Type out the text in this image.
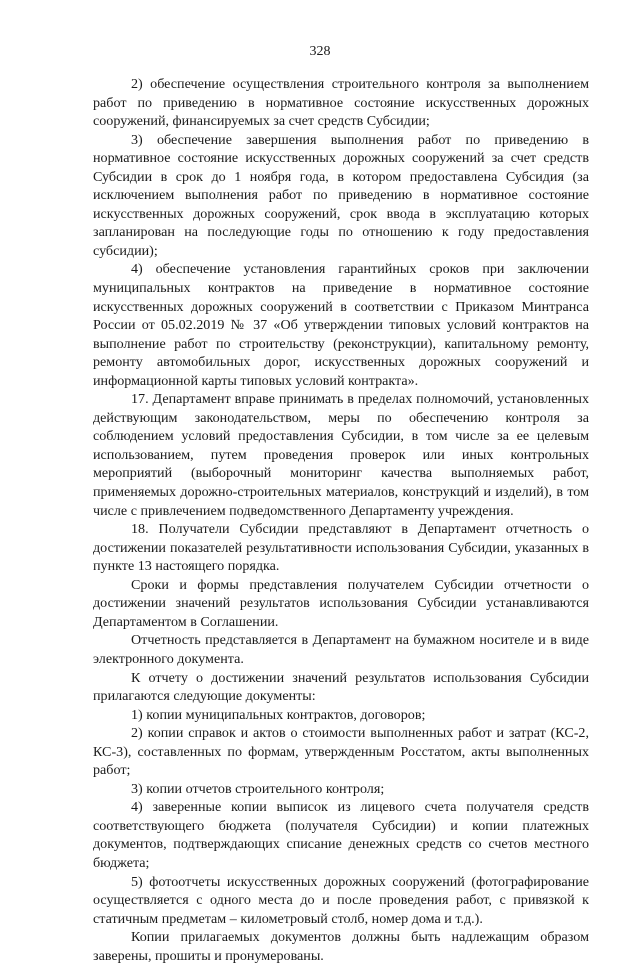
328

2) обеспечение осуществления строительного контроля за выполнением работ по приведению в нормативное состояние искусственных дорожных сооружений, финансируемых за счет средств Субсидии;

3) обеспечение завершения выполнения работ по приведению в нормативное состояние искусственных дорожных сооружений за счет средств Субсидии в срок до 1 ноября года, в котором предоставлена Субсидия (за исключением выполнения работ по приведению в нормативное состояние искусственных дорожных сооружений, срок ввода в эксплуатацию которых запланирован на последующие годы по отношению к году предоставления субсидии);

4) обеспечение установления гарантийных сроков при заключении муниципальных контрактов на приведение в нормативное состояние искусственных дорожных сооружений в соответствии с Приказом Минтранса России от 05.02.2019 № 37 «Об утверждении типовых условий контрактов на выполнение работ по строительству (реконструкции), капитальному ремонту, ремонту автомобильных дорог, искусственных дорожных сооружений и информационной карты типовых условий контракта».

17. Департамент вправе принимать в пределах полномочий, установленных действующим законодательством, меры по обеспечению контроля за соблюдением условий предоставления Субсидии, в том числе за ее целевым использованием, путем проведения проверок или иных контрольных мероприятий (выборочный мониторинг качества выполняемых работ, применяемых дорожно-строительных материалов, конструкций и изделий), в том числе с привлечением подведомственного Департаменту учреждения.

18. Получатели Субсидии представляют в Департамент отчетность о достижении показателей результативности использования Субсидии, указанных в пункте 13 настоящего порядка.

Сроки и формы представления получателем Субсидии отчетности о достижении значений результатов использования Субсидии устанавливаются Департаментом в Соглашении.

Отчетность представляется в Департамент на бумажном носителе и в виде электронного документа.

К отчету о достижении значений результатов использования Субсидии прилагаются следующие документы:

1) копии муниципальных контрактов, договоров;

2) копии справок и актов о стоимости выполненных работ и затрат (КС-2, КС-3), составленных по формам, утвержденным Росстатом, акты выполненных работ;

3) копии отчетов строительного контроля;

4) заверенные копии выписок из лицевого счета получателя средств соответствующего бюджета (получателя Субсидии) и копии платежных документов, подтверждающих списание денежных средств со счетов местного бюджета;

5) фотоотчеты искусственных дорожных сооружений (фотографирование осуществляется с одного места до и после проведения работ, с привязкой к статичным предметам – километровый столб, номер дома и т.д.).

Копии прилагаемых документов должны быть надлежащим образом заверены, прошиты и пронумерованы.
